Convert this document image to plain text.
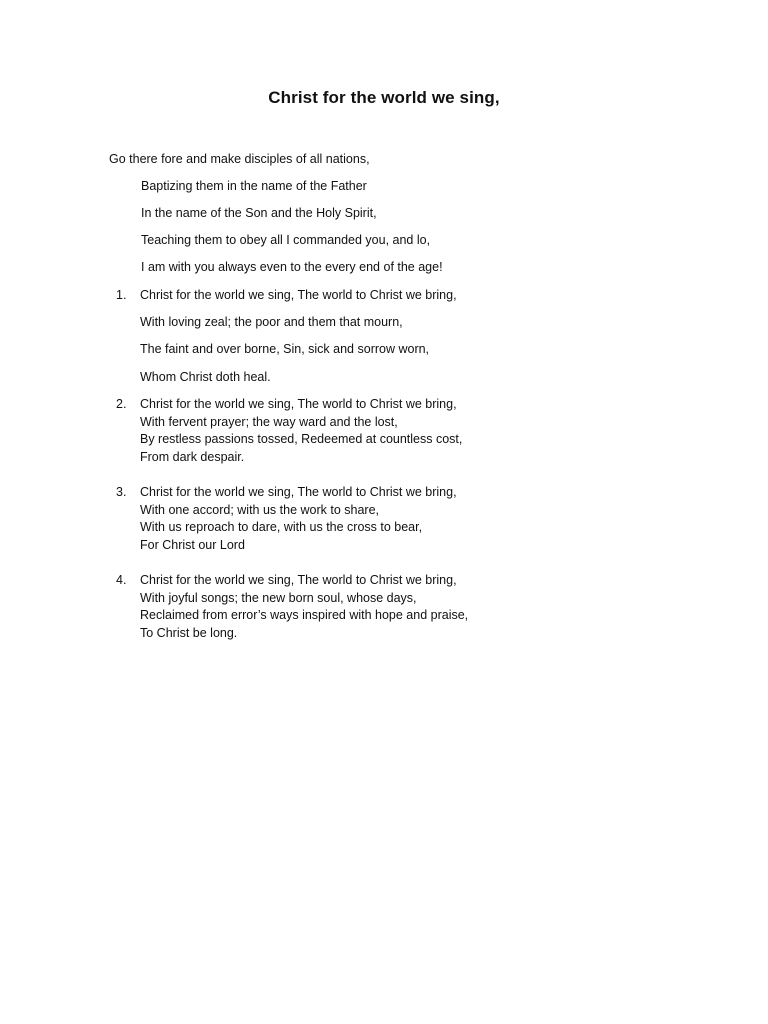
Christ for the world we sing,
Go there fore and make disciples of all nations,
Baptizing them in the name of the Father
In the name of the Son and the Holy Spirit,
Teaching them to obey all I commanded you, and lo,
I am with you always even to the every end of the age!
1. Christ for the world we sing, The world to Christ we bring,
With loving zeal; the poor and them that mourn,
The faint and over borne, Sin, sick and sorrow worn,
Whom Christ doth heal.
2. Christ for the world we sing, The world to Christ we bring,
With fervent prayer; the way ward and the lost,
By restless passions tossed, Redeemed at countless cost,
From dark despair.
3. Christ for the world we sing, The world to Christ we bring,
With one accord; with us the work to share,
With us reproach to dare, with us the cross to bear,
For Christ our Lord
4. Christ for the world we sing, The world to Christ we bring,
With joyful songs; the new born soul, whose days,
Reclaimed from error’s ways inspired with hope and praise,
To Christ be long.
